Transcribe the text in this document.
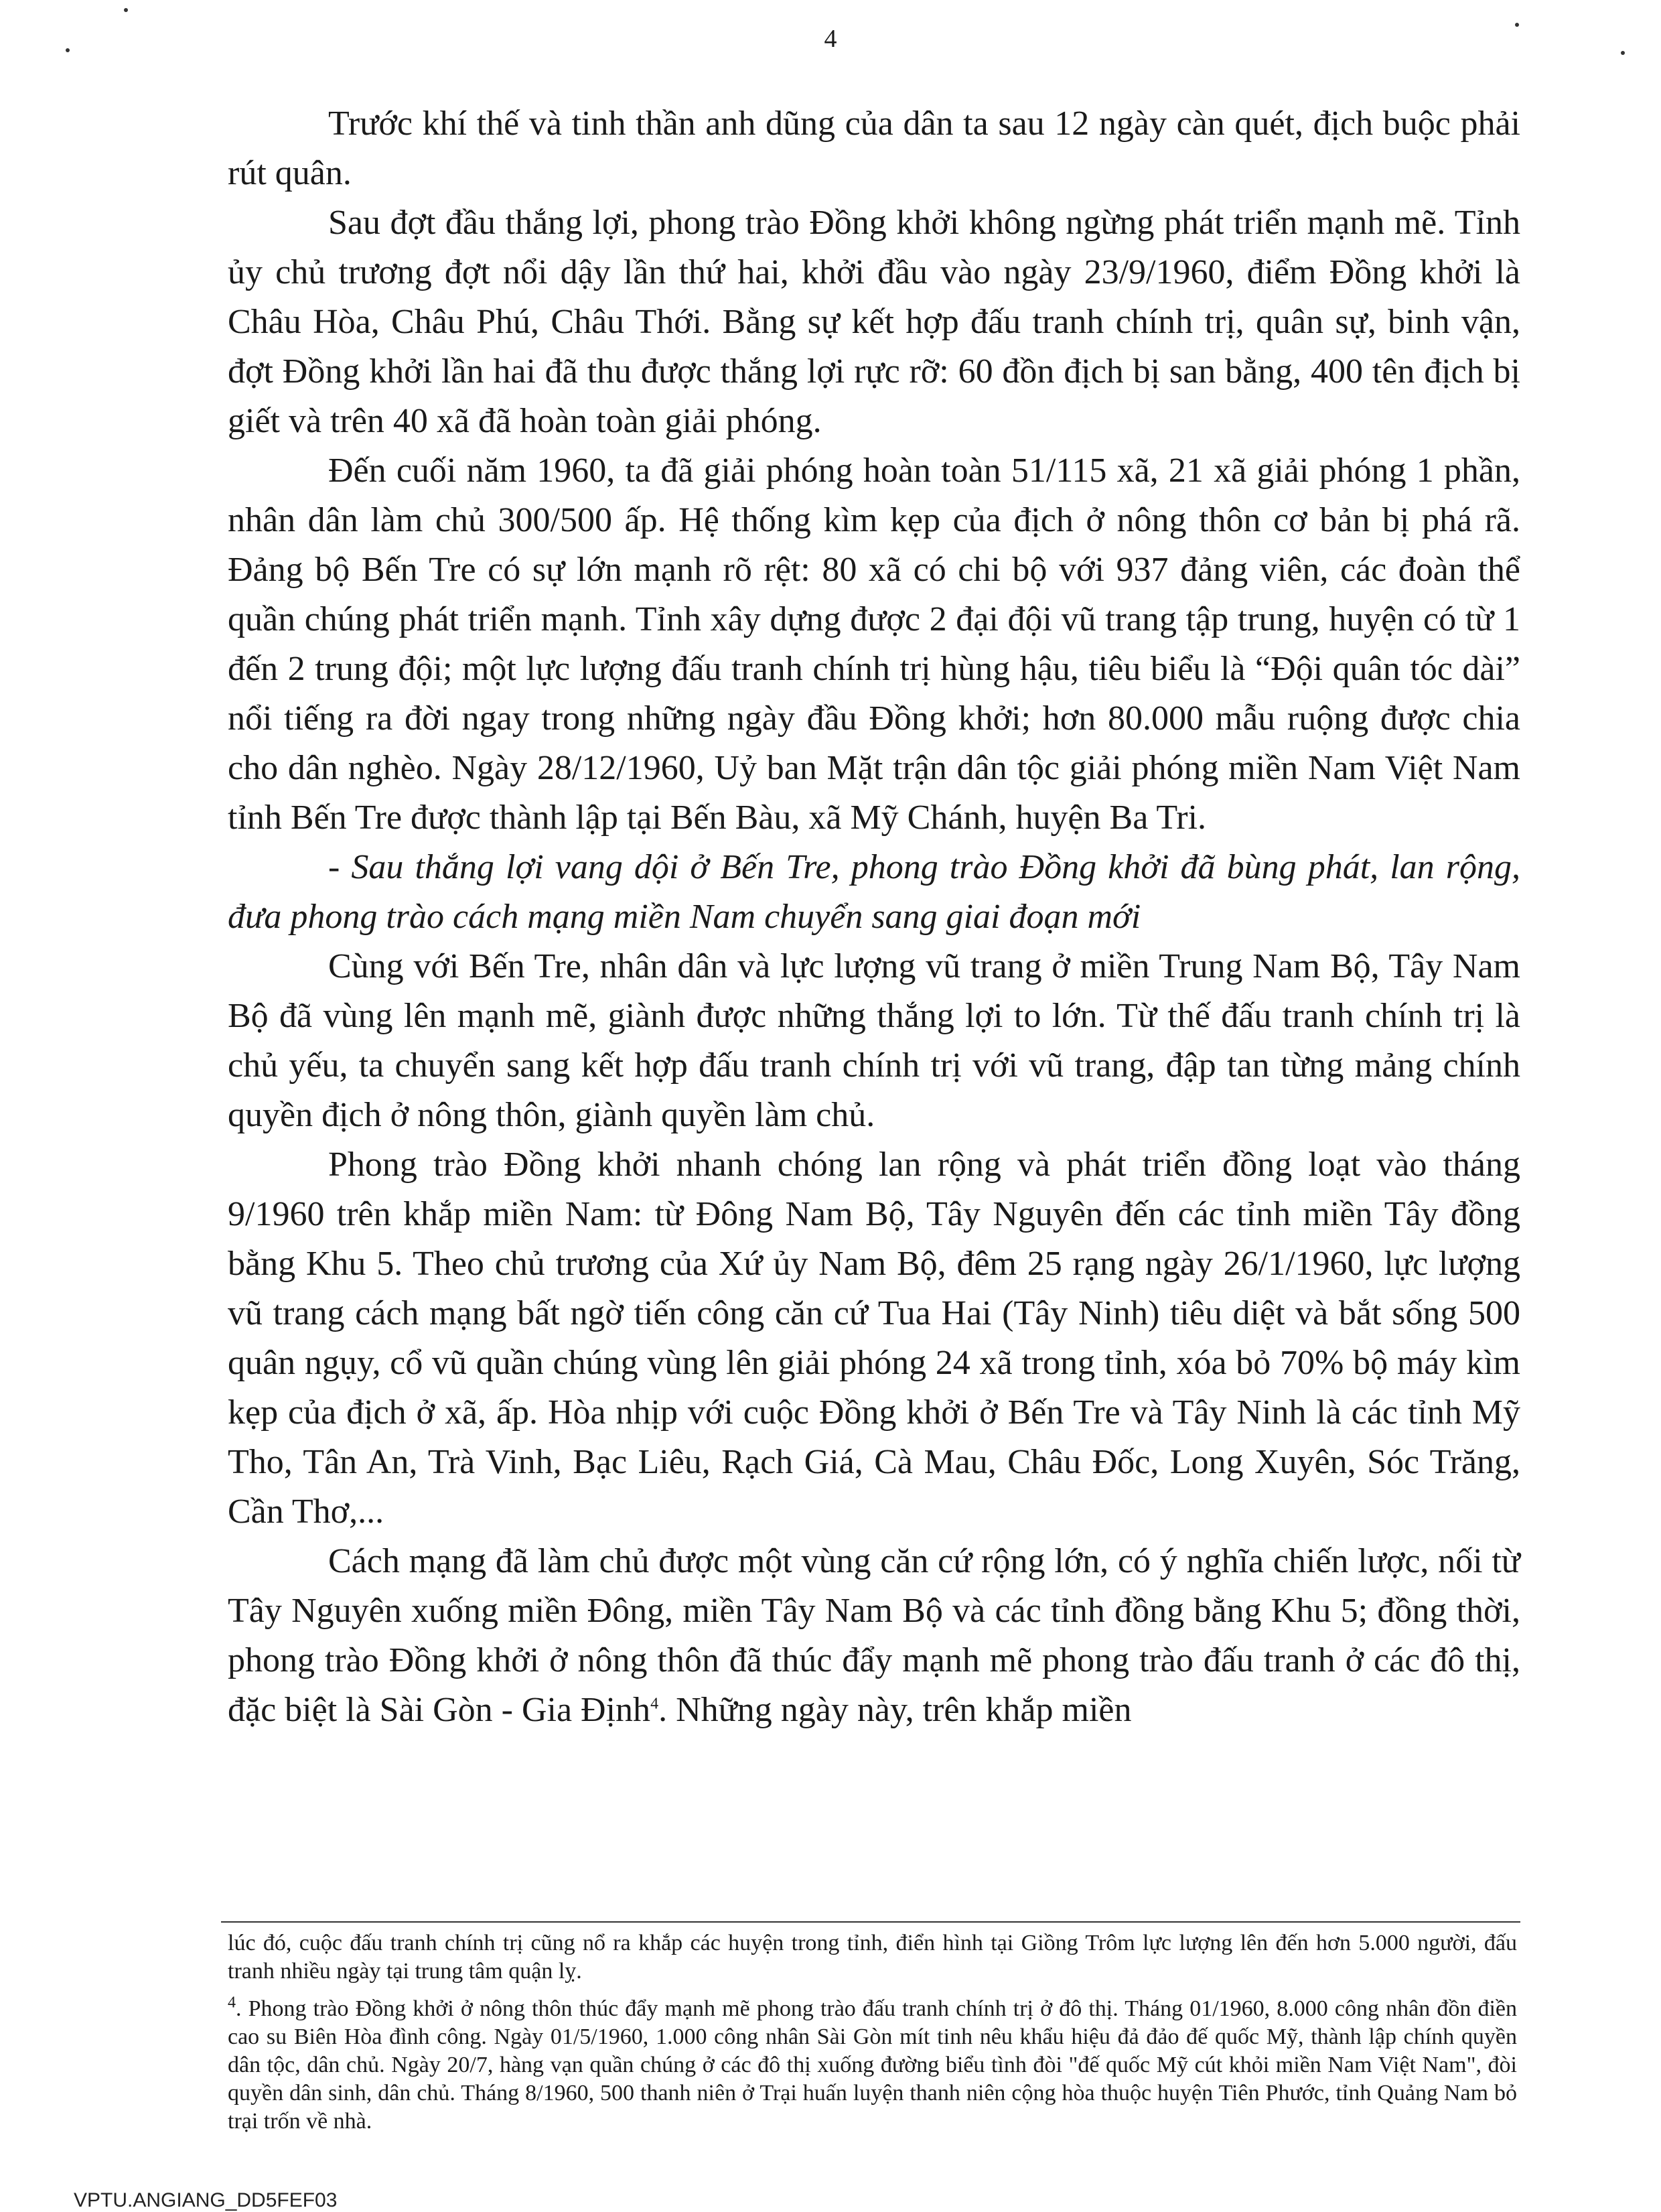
4

Trước khí thế và tinh thần anh dũng của dân ta sau 12 ngày càn quét, địch buộc phải rút quân.

Sau đợt đầu thắng lợi, phong trào Đồng khởi không ngừng phát triển mạnh mẽ. Tỉnh ủy chủ trương đợt nổi dậy lần thứ hai, khởi đầu vào ngày 23/9/1960, điểm Đồng khởi là Châu Hòa, Châu Phú, Châu Thới. Bằng sự kết hợp đấu tranh chính trị, quân sự, binh vận, đợt Đồng khởi lần hai đã thu được thắng lợi rực rỡ: 60 đồn địch bị san bằng, 400 tên địch bị giết và trên 40 xã đã hoàn toàn giải phóng.

Đến cuối năm 1960, ta đã giải phóng hoàn toàn 51/115 xã, 21 xã giải phóng 1 phần, nhân dân làm chủ 300/500 ấp. Hệ thống kìm kẹp của địch ở nông thôn cơ bản bị phá rã. Đảng bộ Bến Tre có sự lớn mạnh rõ rệt: 80 xã có chi bộ với 937 đảng viên, các đoàn thể quần chúng phát triển mạnh. Tỉnh xây dựng được 2 đại đội vũ trang tập trung, huyện có từ 1 đến 2 trung đội; một lực lượng đấu tranh chính trị hùng hậu, tiêu biểu là “Đội quân tóc dài” nổi tiếng ra đời ngay trong những ngày đầu Đồng khởi; hơn 80.000 mẫu ruộng được chia cho dân nghèo. Ngày 28/12/1960, Uỷ ban Mặt trận dân tộc giải phóng miền Nam Việt Nam tỉnh Bến Tre được thành lập tại Bến Bàu, xã Mỹ Chánh, huyện Ba Tri.

- Sau thắng lợi vang dội ở Bến Tre, phong trào Đồng khởi đã bùng phát, lan rộng, đưa phong trào cách mạng miền Nam chuyển sang giai đoạn mới

Cùng với Bến Tre, nhân dân và lực lượng vũ trang ở miền Trung Nam Bộ, Tây Nam Bộ đã vùng lên mạnh mẽ, giành được những thắng lợi to lớn. Từ thế đấu tranh chính trị là chủ yếu, ta chuyển sang kết hợp đấu tranh chính trị với vũ trang, đập tan từng mảng chính quyền địch ở nông thôn, giành quyền làm chủ.

Phong trào Đồng khởi nhanh chóng lan rộng và phát triển đồng loạt vào tháng 9/1960 trên khắp miền Nam: từ Đông Nam Bộ, Tây Nguyên đến các tỉnh miền Tây đồng bằng Khu 5. Theo chủ trương của Xứ ủy Nam Bộ, đêm 25 rạng ngày 26/1/1960, lực lượng vũ trang cách mạng bất ngờ tiến công căn cứ Tua Hai (Tây Ninh) tiêu diệt và bắt sống 500 quân ngụy, cổ vũ quần chúng vùng lên giải phóng 24 xã trong tỉnh, xóa bỏ 70% bộ máy kìm kẹp của địch ở xã, ấp. Hòa nhịp với cuộc Đồng khởi ở Bến Tre và Tây Ninh là các tỉnh Mỹ Tho, Tân An, Trà Vinh, Bạc Liêu, Rạch Giá, Cà Mau, Châu Đốc, Long Xuyên, Sóc Trăng, Cần Thơ,...

Cách mạng đã làm chủ được một vùng căn cứ rộng lớn, có ý nghĩa chiến lược, nối từ Tây Nguyên xuống miền Đông, miền Tây Nam Bộ và các tỉnh đồng bằng Khu 5; đồng thời, phong trào Đồng khởi ở nông thôn đã thúc đẩy mạnh mẽ phong trào đấu tranh ở các đô thị, đặc biệt là Sài Gòn - Gia Định$^4$. Những ngày này, trên khắp miền

lúc đó, cuộc đấu tranh chính trị cũng nổ ra khắp các huyện trong tỉnh, điển hình tại Giồng Trôm lực lượng lên đến hơn 5.000 người, đấu tranh nhiều ngày tại trung tâm quận lỵ.

$^4$. Phong trào Đồng khởi ở nông thôn thúc đẩy mạnh mẽ phong trào đấu tranh chính trị ở đô thị. Tháng 01/1960, 8.000 công nhân đồn điền cao su Biên Hòa đình công. Ngày 01/5/1960, 1.000 công nhân Sài Gòn mít tinh nêu khẩu hiệu đả đảo đế quốc Mỹ, thành lập chính quyền dân tộc, dân chủ. Ngày 20/7, hàng vạn quần chúng ở các đô thị xuống đường biểu tình đòi "đế quốc Mỹ cút khỏi miền Nam Việt Nam", đòi quyền dân sinh, dân chủ. Tháng 8/1960, 500 thanh niên ở Trại huấn luyện thanh niên cộng hòa thuộc huyện Tiên Phước, tỉnh Quảng Nam bỏ trại trốn về nhà.

VPTU.ANGIANG_DD5FEF03
